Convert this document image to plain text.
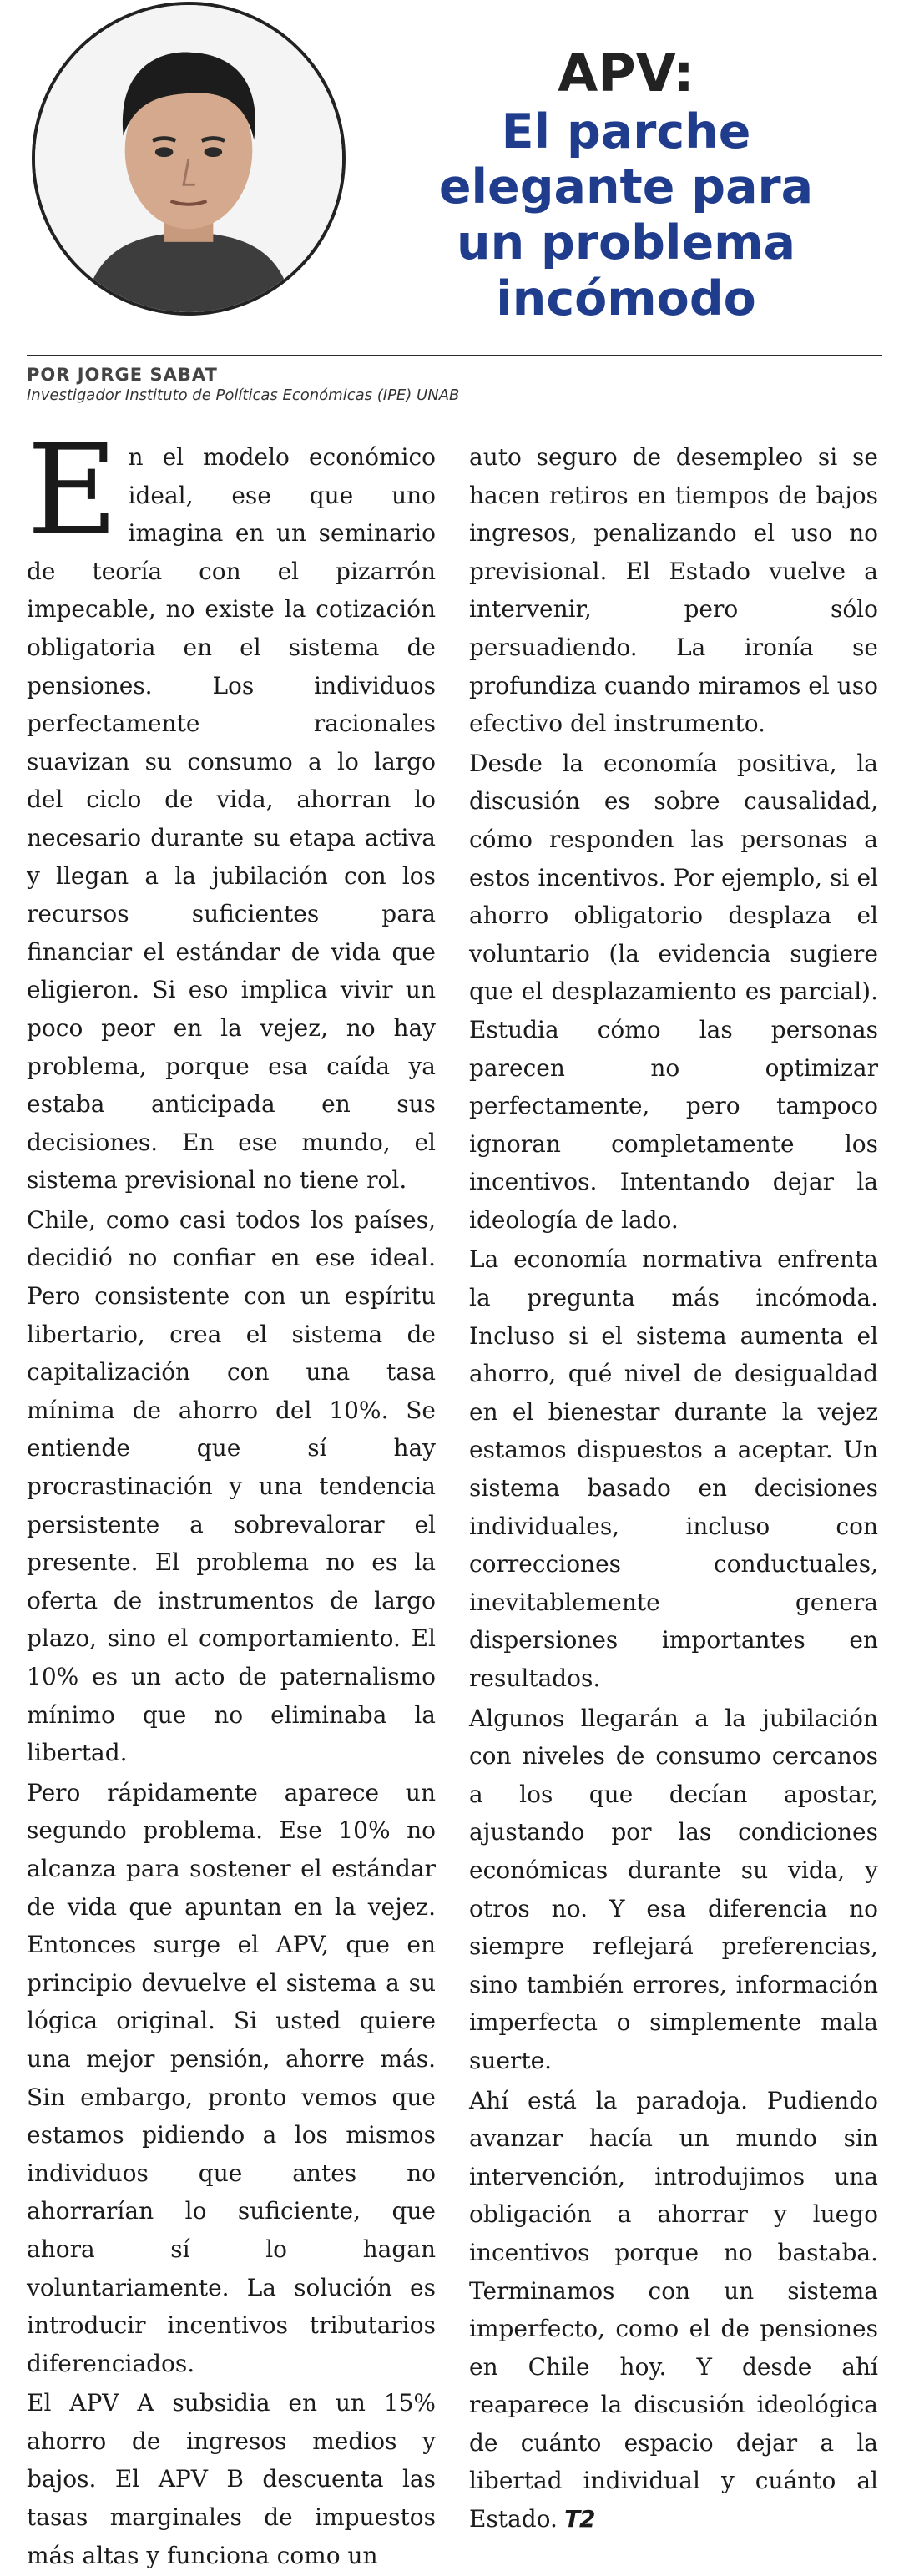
APV:
El parche
elegante para
un problema
incómodo
POR JORGE SABAT
Investigador Instituto de Políticas Económicas (IPE) UNAB

En el modelo económico ideal, ese que uno imagina en un seminario de teoría con el pizarrón impecable, no existe la cotización obligatoria en el sistema de pensiones. Los individuos perfectamente racionales suavizan su consumo a lo largo del ciclo de vida, ahorran lo necesario durante su etapa activa y llegan a la jubilación con los recursos suficientes para financiar el estándar de vida que eligieron. Si eso implica vivir un poco peor en la vejez, no hay problema, porque esa caída ya estaba anticipada en sus decisiones. En ese mundo, el sistema previsional no tiene rol.

Chile, como casi todos los países, decidió no confiar en ese ideal. Pero consistente con un espíritu libertario, crea el sistema de capitalización con una tasa mínima de ahorro del 10%. Se entiende que sí hay procrastinación y una tendencia persistente a sobrevalorar el presente. El problema no es la oferta de instrumentos de largo plazo, sino el comportamiento. El 10% es un acto de paternalismo mínimo que no eliminaba la libertad.

Pero rápidamente aparece un segundo problema. Ese 10% no alcanza para sostener el estándar de vida que apuntan en la vejez. Entonces surge el APV, que en principio devuelve el sistema a su lógica original. Si usted quiere una mejor pensión, ahorre más. Sin embargo, pronto vemos que estamos pidiendo a los mismos individuos que antes no ahorrarían lo suficiente, que ahora sí lo hagan voluntariamente. La solución es introducir incentivos tributarios diferenciados.

El APV A subsidia en un 15% ahorro de ingresos medios y bajos. El APV B descuenta las tasas marginales de impuestos más altas y funciona como un

auto seguro de desempleo si se hacen retiros en tiempos de bajos ingresos, penalizando el uso no previsional. El Estado vuelve a intervenir, pero sólo persuadiendo. La ironía se profundiza cuando miramos el uso efectivo del instrumento.

Desde la economía positiva, la discusión es sobre causalidad, cómo responden las personas a estos incentivos. Por ejemplo, si el ahorro obligatorio desplaza el voluntario (la evidencia sugiere que el desplazamiento es parcial). Estudia cómo las personas parecen no optimizar perfectamente, pero tampoco ignoran completamente los incentivos. Intentando dejar la ideología de lado.

La economía normativa enfrenta la pregunta más incómoda. Incluso si el sistema aumenta el ahorro, qué nivel de desigualdad en el bienestar durante la vejez estamos dispuestos a aceptar. Un sistema basado en decisiones individuales, incluso con correcciones conductuales, inevitablemente genera dispersiones importantes en resultados.

Algunos llegarán a la jubilación con niveles de consumo cercanos a los que decían apostar, ajustando por las condiciones económicas durante su vida, y otros no. Y esa diferencia no siempre reflejará preferencias, sino también errores, información imperfecta o simplemente mala suerte.

Ahí está la paradoja. Pudiendo avanzar hacía un mundo sin intervención, introdujimos una obligación a ahorrar y luego incentivos porque no bastaba. Terminamos con un sistema imperfecto, como el de pensiones en Chile hoy. Y desde ahí reaparece la discusión ideológica de cuánto espacio dejar a la libertad individual y cuánto al Estado. T2
